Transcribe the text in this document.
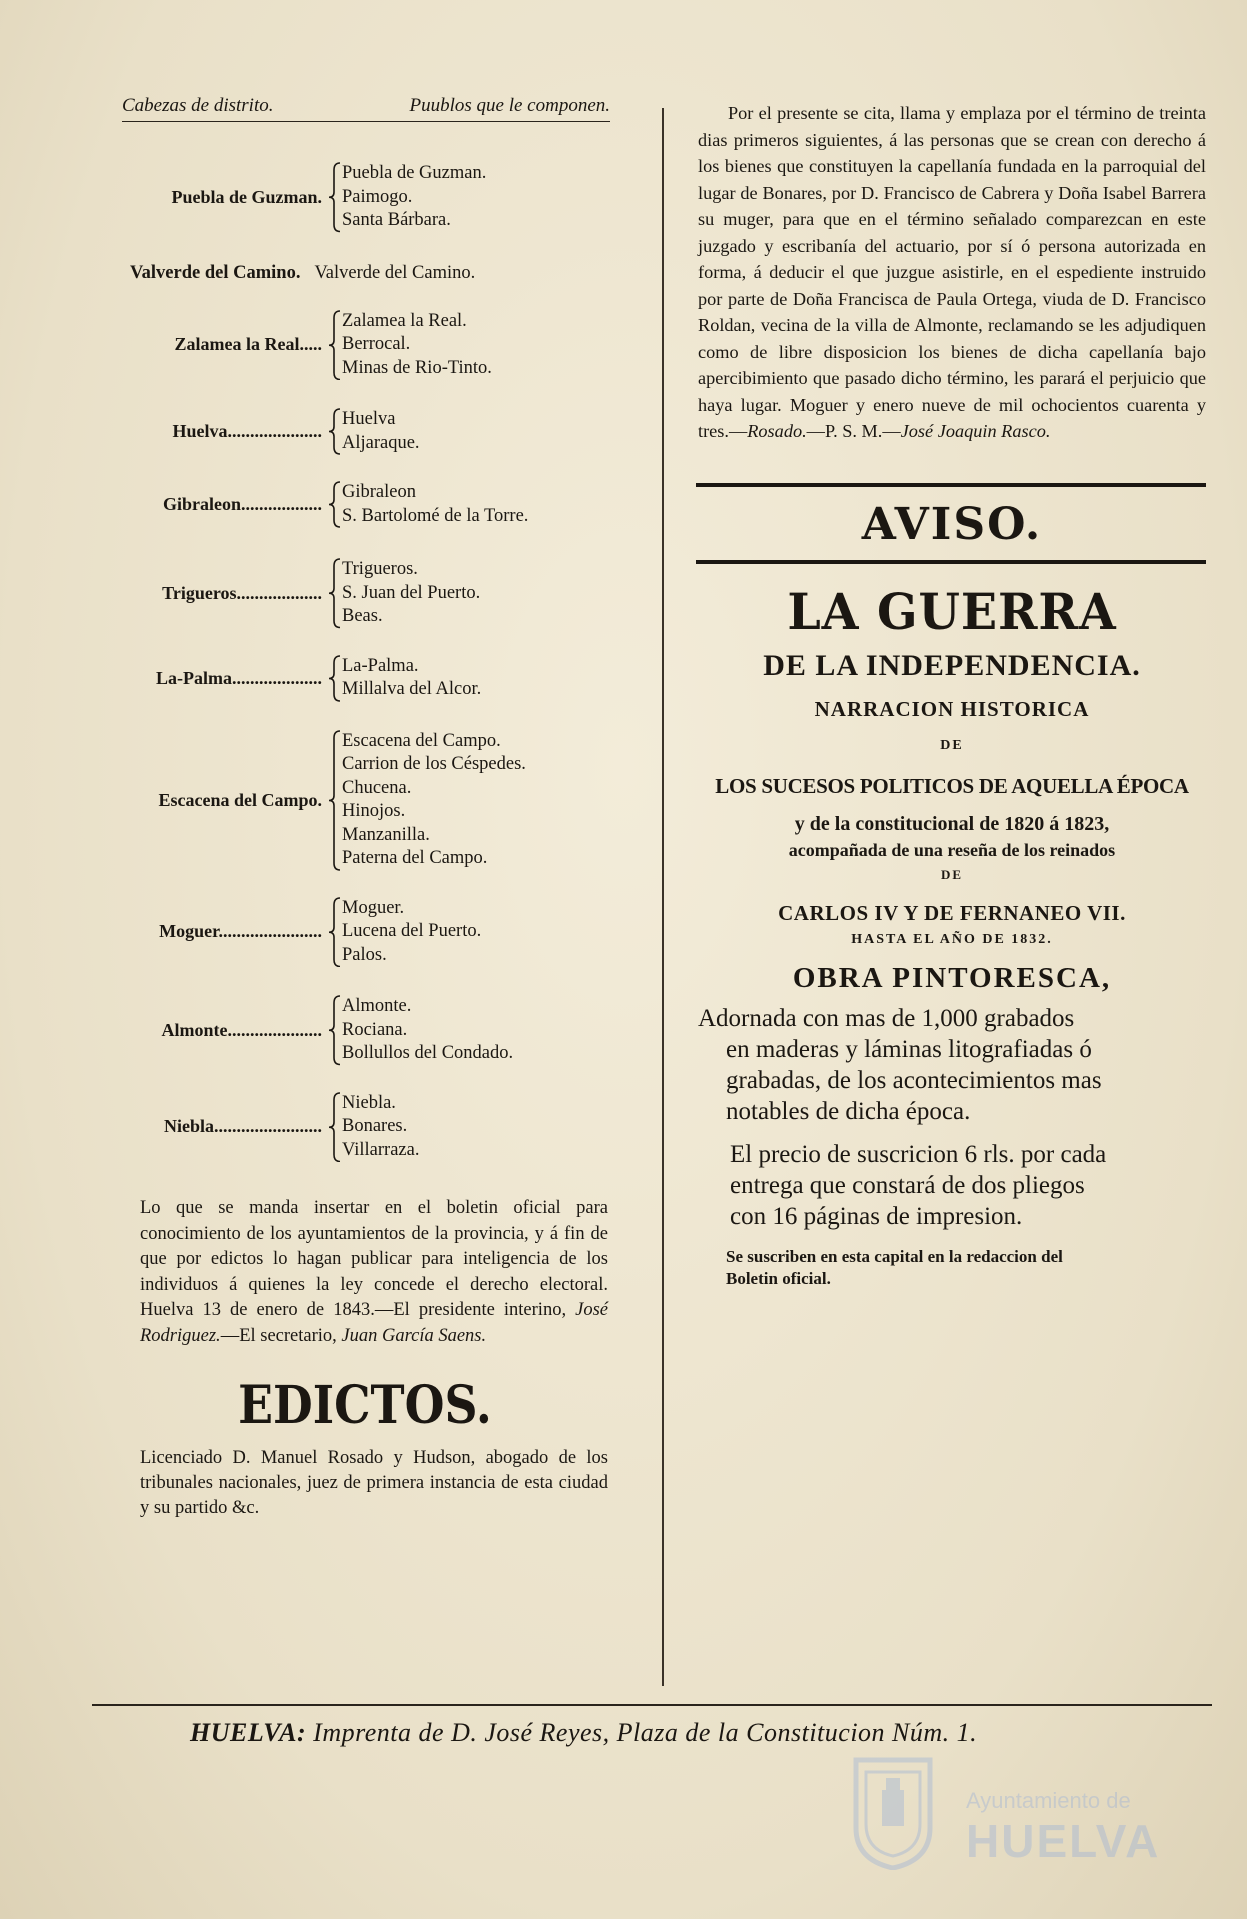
Cabezas de distrito.	Puublos que le componen.
Puebla de Guzman.
Puebla de Guzman.
Paimogo.
Santa Bárbara.
Valverde del Camino. Valverde del Camino.
Zalamea la Real.....
Zalamea la Real.
Berrocal.
Minas de Rio-Tinto.
Huelva.....................
Huelva
Aljaraque.
Gibraleon..................
Gibraleon
S. Bartolomé de la Torre.
Trigueros...................
Trigueros.
S. Juan del Puerto.
Beas.
La-Palma....................
La-Palma.
Millalva del Alcor.
Escacena del Campo.
Escacena del Campo.
Carrion de los Céspedes.
Chucena.
Hinojos.
Manzanilla.
Paterna del Campo.
Moguer.......................
Moguer.
Lucena del Puerto.
Palos.
Almonte.....................
Almonte.
Rociana.
Bollullos del Condado.
Niebla........................
Niebla.
Bonares.
Villarraza.
Lo que se manda insertar en el boletin oficial para conocimiento de los ayuntamientos de la provincia, y á fin de que por edictos lo hagan publicar para inteligencia de los individuos á quienes la ley concede el derecho electoral. Huelva 13 de enero de 1843.—El presidente interino, José Rodriguez.—El secretario, Juan García Saens.
EDICTOS.
Licenciado D. Manuel Rosado y Hudson, abogado de los tribunales nacionales, juez de primera instancia de esta ciudad y su partido &c.
Por el presente se cita, llama y emplaza por el término de treinta dias primeros siguientes, á las personas que se crean con derecho á los bienes que constituyen la capellanía fundada en la parroquial del lugar de Bonares, por D. Francisco de Cabrera y Doña Isabel Barrera su muger, para que en el término señalado comparezcan en este juzgado y escribanía del actuario, por sí ó persona autorizada en forma, á deducir el que juzgue asistirle, en el espediente instruido por parte de Doña Francisca de Paula Ortega, viuda de D. Francisco Roldan, vecina de la villa de Almonte, reclamando se les adjudiquen como de libre disposicion los bienes de dicha capellanía bajo apercibimiento que pasado dicho término, les parará el perjuicio que haya lugar. Moguer y enero nueve de mil ochocientos cuarenta y tres.—Rosado.—P. S. M.—José Joaquin Rasco.
AVISO.
LA GUERRA
DE LA INDEPENDENCIA.
NARRACION HISTORICA
DE
LOS SUCESOS POLITICOS DE AQUELLA ÉPOCA
y de la constitucional de 1820 á 1823,
acompañada de una reseña de los reinados
DE
CARLOS IV Y DE FERNANEO VII.
HASTA EL AÑO DE 1832.
OBRA PINTORESCA,
Adornada con mas de 1,000 grabados
en maderas y láminas litografiadas ó
grabadas, de los acontecimientos mas
notables de dicha época.
El precio de suscricion 6 rls. por cada
entrega que constará de dos pliegos
con 16 páginas de impresion.
Se suscriben en esta capital en la redaccion del
Boletin oficial.
HUELVA: Imprenta de D. José Reyes, Plaza de la Constitucion Núm. 1.
Ayuntamiento de
HUELVA
